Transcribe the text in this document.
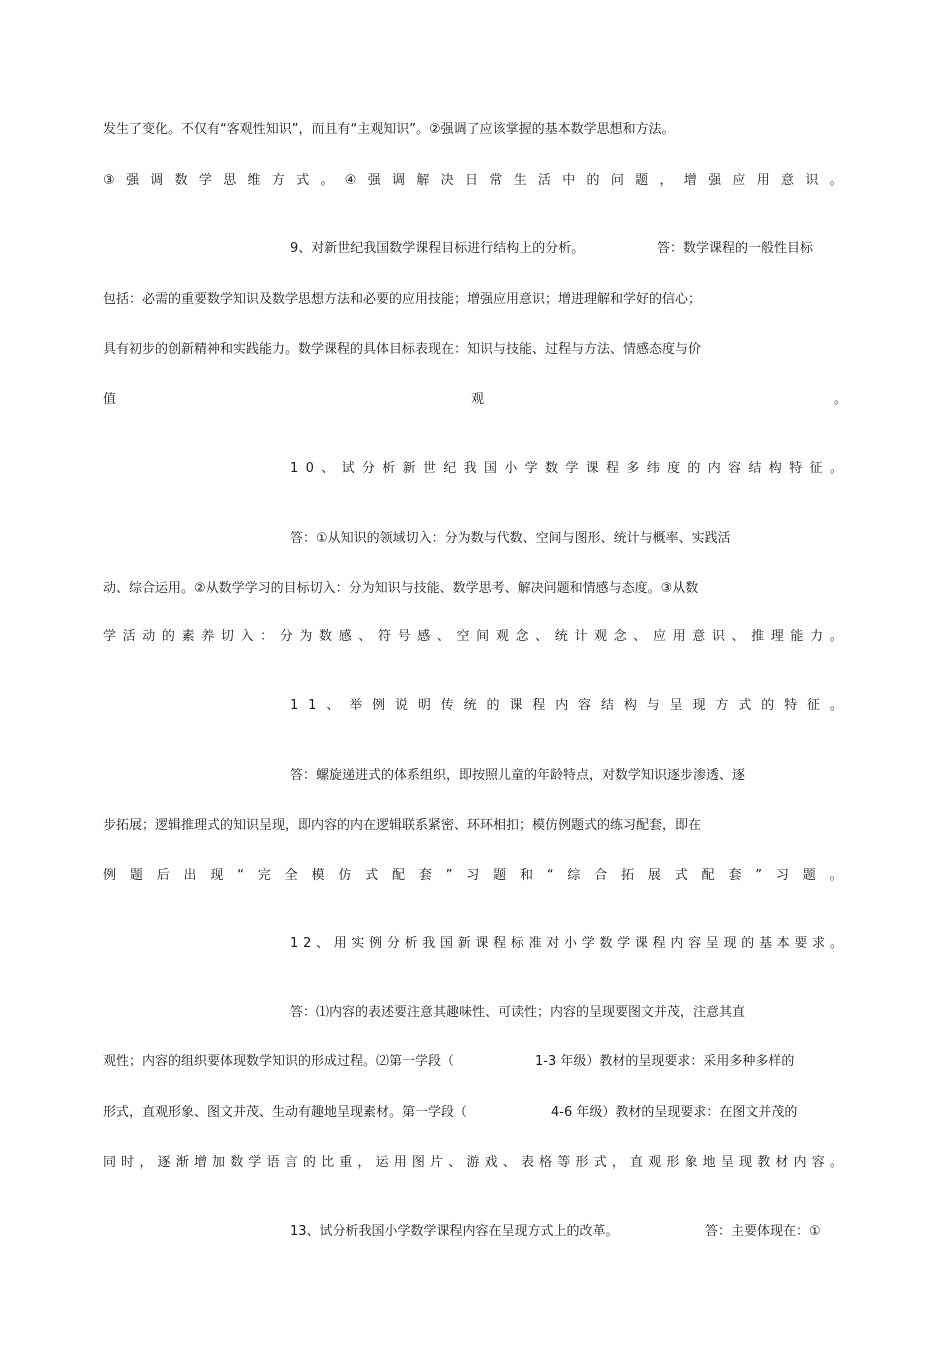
发生了变化。不仅有“客观性知识”，而且有“主观知识”。②强调了应该掌握的基本数学思想和方法。
③ 强 调 数 学 思 维 方 式 。 ④ 强 调 解 决 日 常 生 活 中 的 问 题 ， 增 强 应 用 意 识 。
9、对新世纪我国数学课程目标进行结构上的分析。	答：数学课程的一般性目标
包括：必需的重要数学知识及数学思想方法和必要的应用技能；增强应用意识；增进理解和学好的信心；
具有初步的创新精神和实践能力。数学课程的具体目标表现在：知识与技能、过程与方法、情感态度与价
值	观	。
1 0 、 试 分 析 新 世 纪 我 国 小 学 数 学 课 程 多 纬 度 的 内 容 结 构 特 征 。
答：①从知识的领域切入：分为数与代数、空间与图形、统计与概率、实践活
动、综合运用。②从数学学习的目标切入：分为知识与技能、数学思考、解决问题和情感与态度。③从数
学 活 动 的 素 养 切 入 ： 分 为 数 感 、 符 号 感 、 空 间 观 念 、 统 计 观 念 、 应 用 意 识 、 推 理 能 力 。
1 1 、 举 例 说 明 传 统 的 课 程 内 容 结 构 与 呈 现 方 式 的 特 征 。
答：螺旋递进式的体系组织，即按照儿童的年龄特点，对数学知识逐步渗透、逐
步拓展；逻辑推理式的知识呈现，即内容的内在逻辑联系紧密、环环相扣；模仿例题式的练习配套，即在
例 题 后 出 现 “ 完 全 模 仿 式 配 套 ” 习 题 和 “ 综 合 拓 展 式 配 套 ” 习 题 。
1 2 、 用 实 例 分 析 我 国 新 课 程 标 准 对 小 学 数 学 课 程 内 容 呈 现 的 基 本 要 求 。
答：⑴内容的表述要注意其趣味性、可读性；内容的呈现要图文并茂，注意其直
观性；内容的组织要体现数学知识的形成过程。⑵第一学段（	1-3 年级）教材的呈现要求：采用多种多样的
形式，直观形象、图文并茂、生动有趣地呈现素材。第一学段（	4-6 年级）教材的呈现要求：在图文并茂的
同 时 ， 逐 渐 增 加 数 学 语 言 的 比 重 ， 运 用 图 片 、 游 戏 、 表 格 等 形 式 ， 直 观 形 象 地 呈 现 教 材 内 容 。
13、试分析我国小学数学课程内容在呈现方式上的改革。	答：主要体现在：①
